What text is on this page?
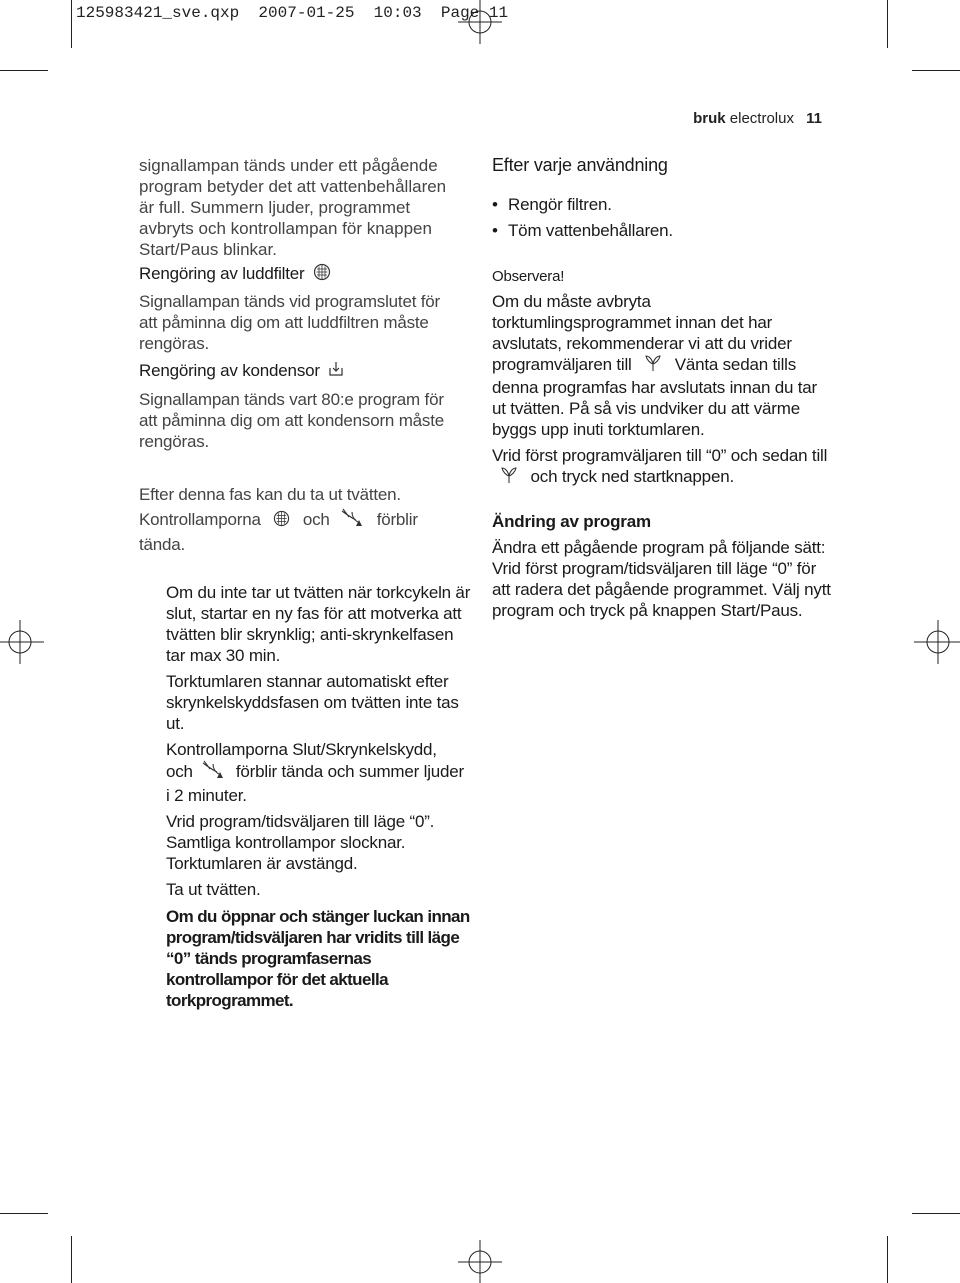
125983421_sve.qxp  2007-01-25  10:03  Page 11
bruk electrolux 11

signallampan tänds under ett pågående program betyder det att vattenbehållaren är full. Summern ljuder, programmet avbryts och kontrollampan för knappen Start/Paus blinkar.

Rengöring av luddfilter

Signallampan tänds vid programslutet för att påminna dig om att luddfiltren måste rengöras.

Rengöring av kondensor

Signallampan tänds vart 80:e program för att påminna dig om att kondensorn måste rengöras.

Efter denna fas kan du ta ut tvätten.

Kontrollamporna och	förblir

tända.

Om du inte tar ut tvätten när torkcykeln är slut, startar en ny fas för att motverka att tvätten blir skrynklig; anti-skrynkelfasen tar max 30 min.

Torktumlaren stannar automatiskt efter skrynkelskyddsfasen om tvätten inte tas ut.

Kontrollamporna Slut/Skrynkelskydd,
och	förblir tända och summer ljuder i 2 minuter.

Vrid program/tidsväljaren till läge “0”. Samtliga kontrollampor slocknar. Torktumlaren är avstängd.

Ta ut tvätten.

Om du öppnar och stänger luckan innan program/tidsväljaren har vridits till läge “0” tänds programfasernas kontrollampor för det aktuella torkprogrammet.

Efter varje användning

• Rengör filtren.
• Töm vattenbehållaren.

Observera!

Om du måste avbryta torktumlingsprogrammet innan det har avslutats, rekommenderar vi att du vrider programväljaren till	Vänta sedan tills denna programfas har avslutats innan du tar ut tvätten. På så vis undviker du att värme byggs upp inuti torktumlaren.

Vrid först programväljaren till “0” och sedan till  och tryck ned startknappen.

Ändring av program

Ändra ett pågående program på följande sätt: Vrid först program/tidsväljaren till läge “0” för att radera det pågående programmet. Välj nytt program och tryck på knappen Start/Paus.
